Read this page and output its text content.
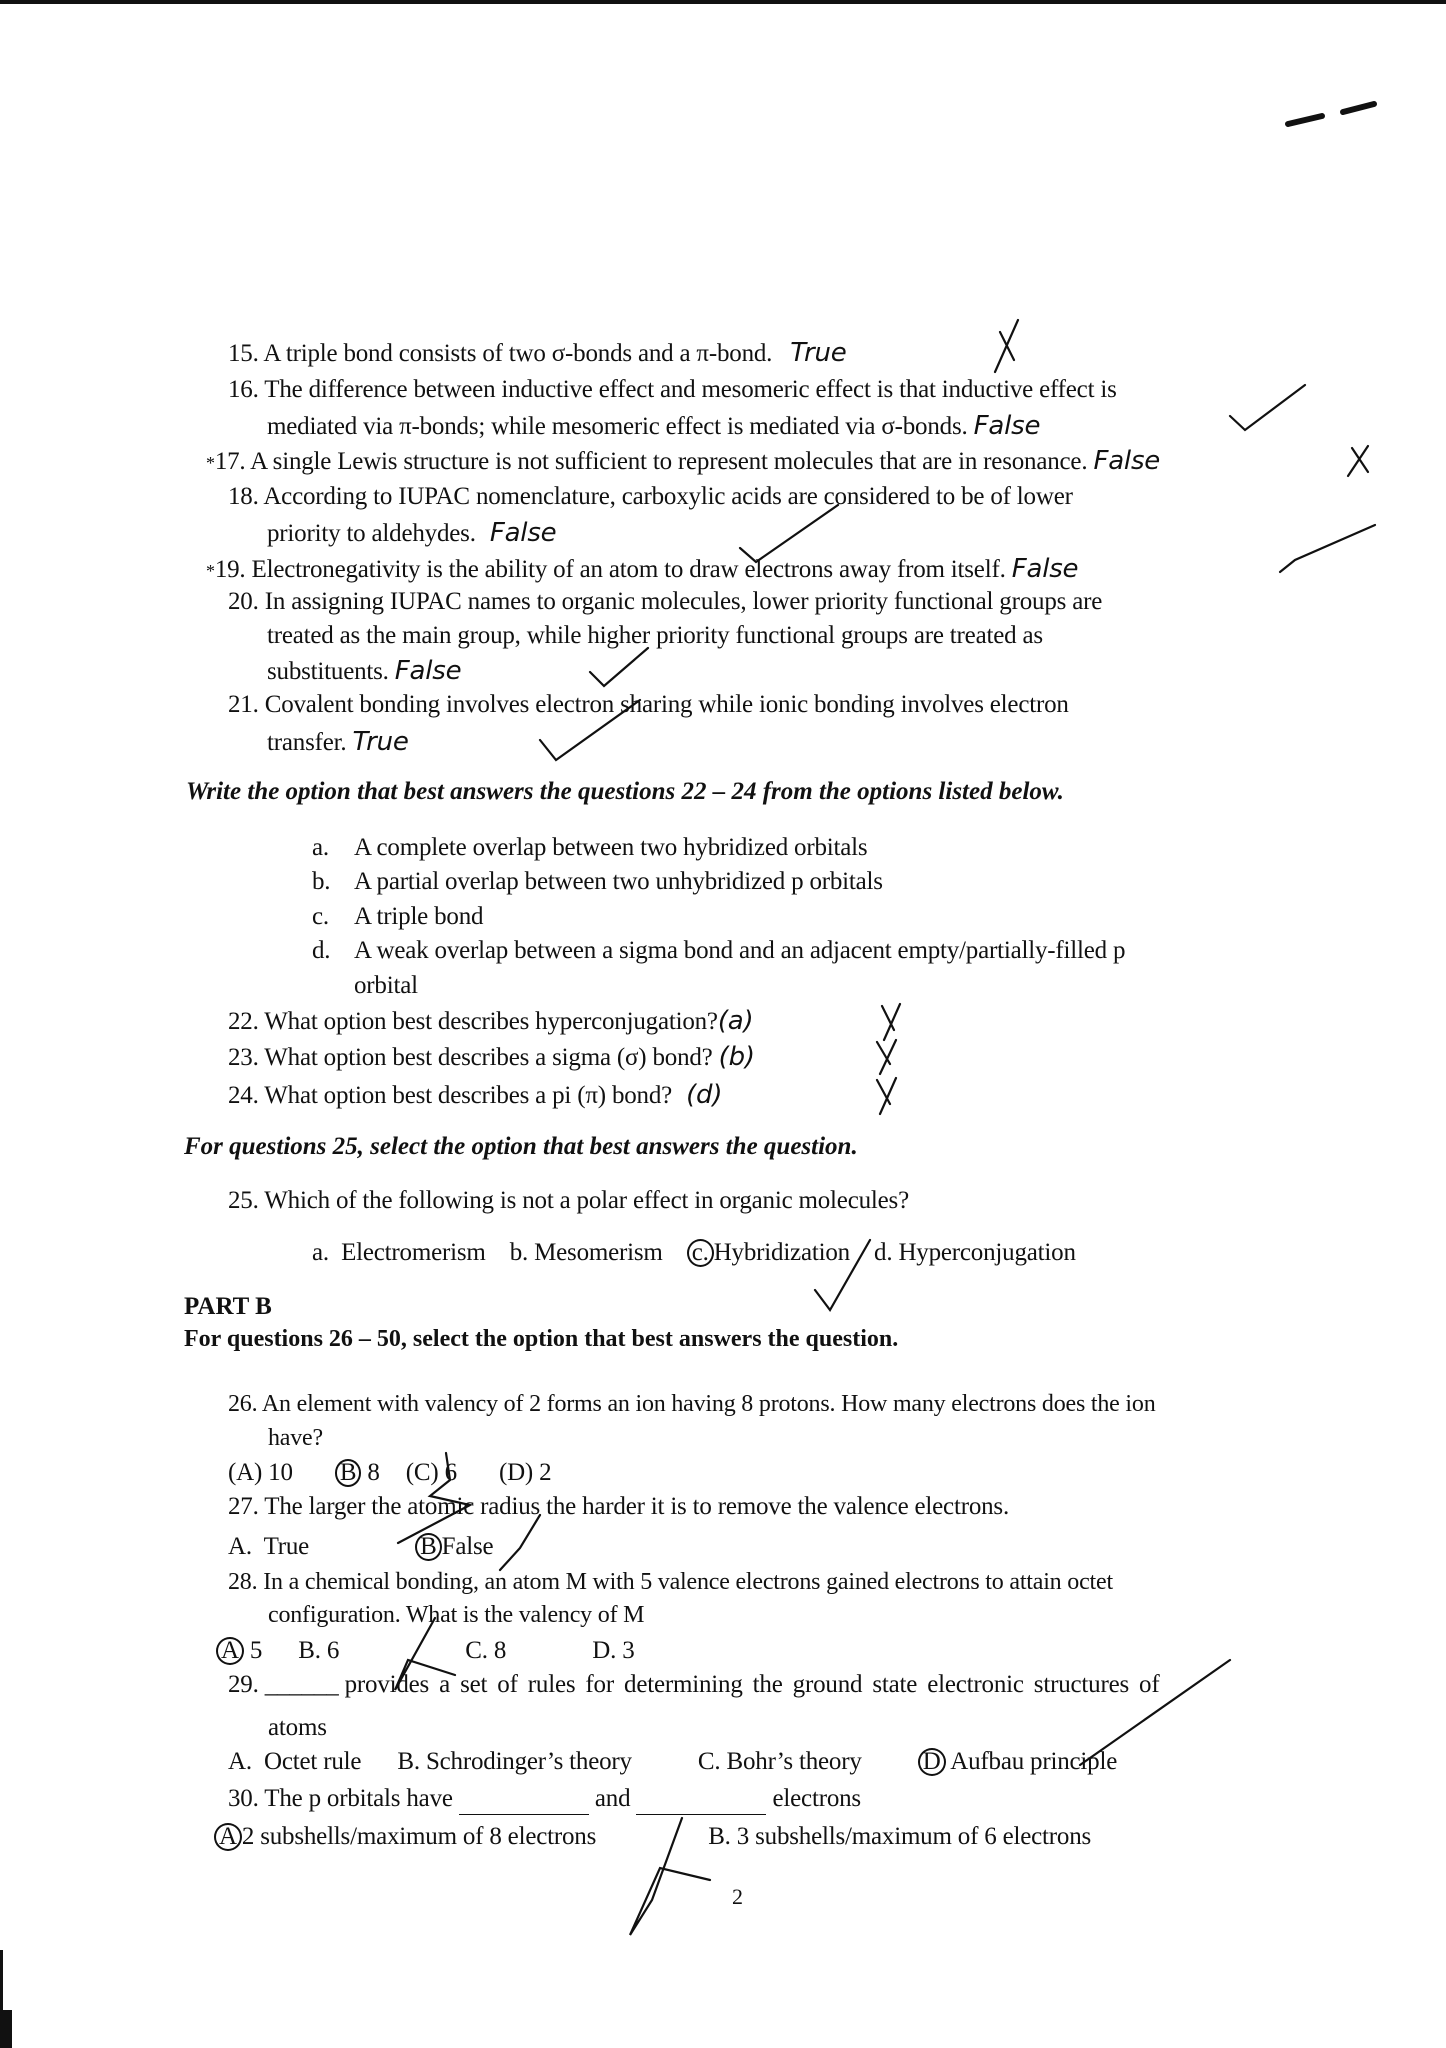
15. A triple bond consists of two σ-bonds and a π-bond. True
16. The difference between inductive effect and mesomeric effect is that inductive effect is
mediated via π-bonds; while mesomeric effect is mediated via σ-bonds. False
*17. A single Lewis structure is not sufficient to represent molecules that are in resonance. False
18. According to IUPAC nomenclature, carboxylic acids are considered to be of lower
priority to aldehydes. False
*19. Electronegativity is the ability of an atom to draw electrons away from itself. False
20. In assigning IUPAC names to organic molecules, lower priority functional groups are
treated as the main group, while higher priority functional groups are treated as
substituents. False
21. Covalent bonding involves electron sharing while ionic bonding involves electron
transfer. True
Write the option that best answers the questions 22 – 24 from the options listed below.
a. A complete overlap between two hybridized orbitals
b. A partial overlap between two unhybridized p orbitals
c. A triple bond
d. A weak overlap between a sigma bond and an adjacent empty/partially-filled p
orbital
22. What option best describes hyperconjugation?(a)
23. What option best describes a sigma (σ) bond? (b)
24. What option best describes a pi (π) bond? (d)
For questions 25, select the option that best answers the question.
25. Which of the following is not a polar effect in organic molecules?
a. Electromerism b. Mesomerism c. Hybridization d. Hyperconjugation
PART B
For questions 26 – 50, select the option that best answers the question.
26. An element with valency of 2 forms an ion having 8 protons. How many electrons does the ion
have?
(A) 10 B 8 (C) 6 (D) 2
27. The larger the atomic radius the harder it is to remove the valence electrons.
A. True	B False
28. In a chemical bonding, an atom M with 5 valence electrons gained electrons to attain octet
configuration. What is the valency of M
A 5 B. 6	C. 8	D. 3
29. ______ provides a set of rules for determining the ground state electronic structures of
atoms
A. Octet rule B. Schrodinger’s theory	C. Bohr’s theory D Aufbau principle
30. The p orbitals have	and	electrons
A 2 subshells/maximum of 8 electrons	B. 3 subshells/maximum of 6 electrons
2
